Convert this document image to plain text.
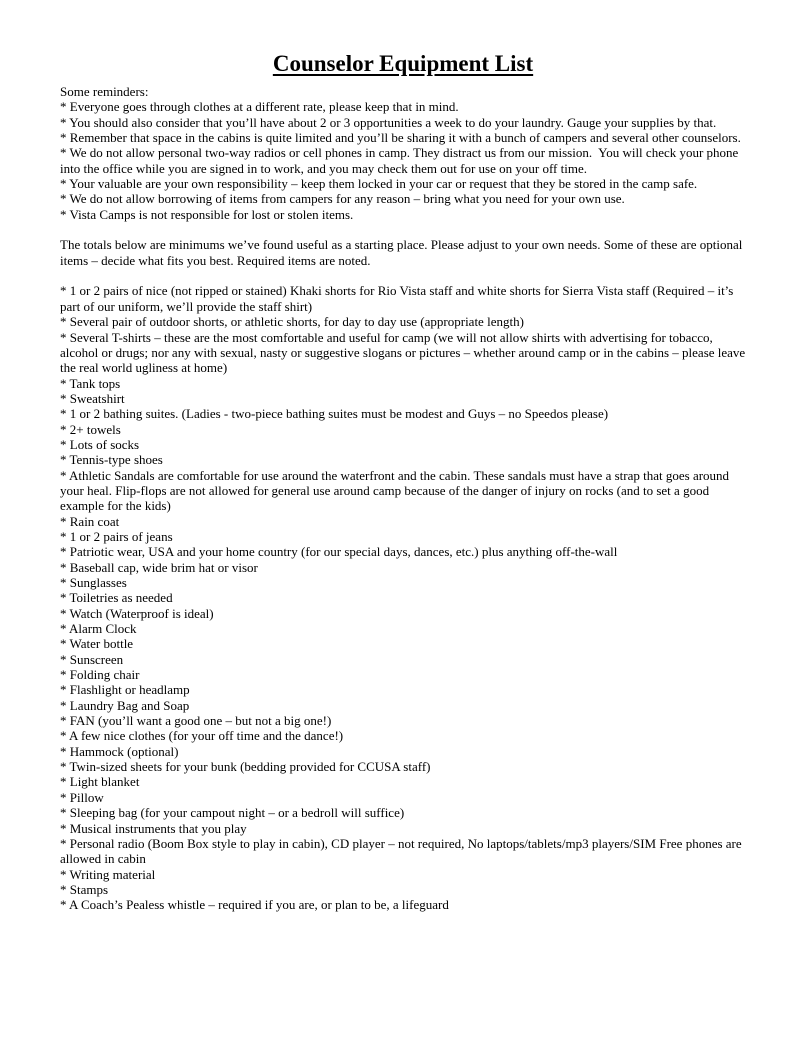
Counselor Equipment List

Some reminders:

* Everyone goes through clothes at a different rate, please keep that in mind.

* You should also consider that you’ll have about 2 or 3 opportunities a week to do your laundry. Gauge your supplies by that.

* Remember that space in the cabins is quite limited and you’ll be sharing it with a bunch of campers and several other counselors.

* We do not allow personal two-way radios or cell phones in camp. They distract us from our mission.  You will check your phone into the office while you are signed in to work, and you may check them out for use on your off time.

* Your valuable are your own responsibility – keep them locked in your car or request that they be stored in the camp safe.

* We do not allow borrowing of items from campers for any reason – bring what you need for your own use.

* Vista Camps is not responsible for lost or stolen items.

The totals below are minimums we’ve found useful as a starting place. Please adjust to your own needs. Some of these are optional items – decide what fits you best. Required items are noted.

* 1 or 2 pairs of nice (not ripped or stained) Khaki shorts for Rio Vista staff and white shorts for Sierra Vista staff (Required – it’s part of our uniform, we’ll provide the staff shirt)

* Several pair of outdoor shorts, or athletic shorts, for day to day use (appropriate length)

* Several T-shirts – these are the most comfortable and useful for camp (we will not allow shirts with advertising for tobacco, alcohol or drugs; nor any with sexual, nasty or suggestive slogans or pictures – whether around camp or in the cabins – please leave the real world ugliness at home)

* Tank tops

* Sweatshirt

* 1 or 2 bathing suites. (Ladies - two-piece bathing suites must be modest and Guys – no Speedos please)

* 2+ towels

* Lots of socks

* Tennis-type shoes

* Athletic Sandals are comfortable for use around the waterfront and the cabin. These sandals must have a strap that goes around your heal. Flip-flops are not allowed for general use around camp because of the danger of injury on rocks (and to set a good example for the kids)

* Rain coat

* 1 or 2 pairs of jeans

* Patriotic wear, USA and your home country (for our special days, dances, etc.) plus anything off-the-wall

* Baseball cap, wide brim hat or visor

* Sunglasses

* Toiletries as needed

* Watch (Waterproof is ideal)

* Alarm Clock

* Water bottle

* Sunscreen

* Folding chair

* Flashlight or headlamp

* Laundry Bag and Soap

* FAN (you’ll want a good one – but not a big one!)

* A few nice clothes (for your off time and the dance!)

* Hammock (optional)

* Twin-sized sheets for your bunk (bedding provided for CCUSA staff)

* Light blanket

* Pillow

* Sleeping bag (for your campout night – or a bedroll will suffice)

* Musical instruments that you play

* Personal radio (Boom Box style to play in cabin), CD player – not required, No laptops/tablets/mp3 players/SIM Free phones are allowed in cabin

* Writing material

* Stamps

* A Coach’s Pealess whistle – required if you are, or plan to be, a lifeguard
